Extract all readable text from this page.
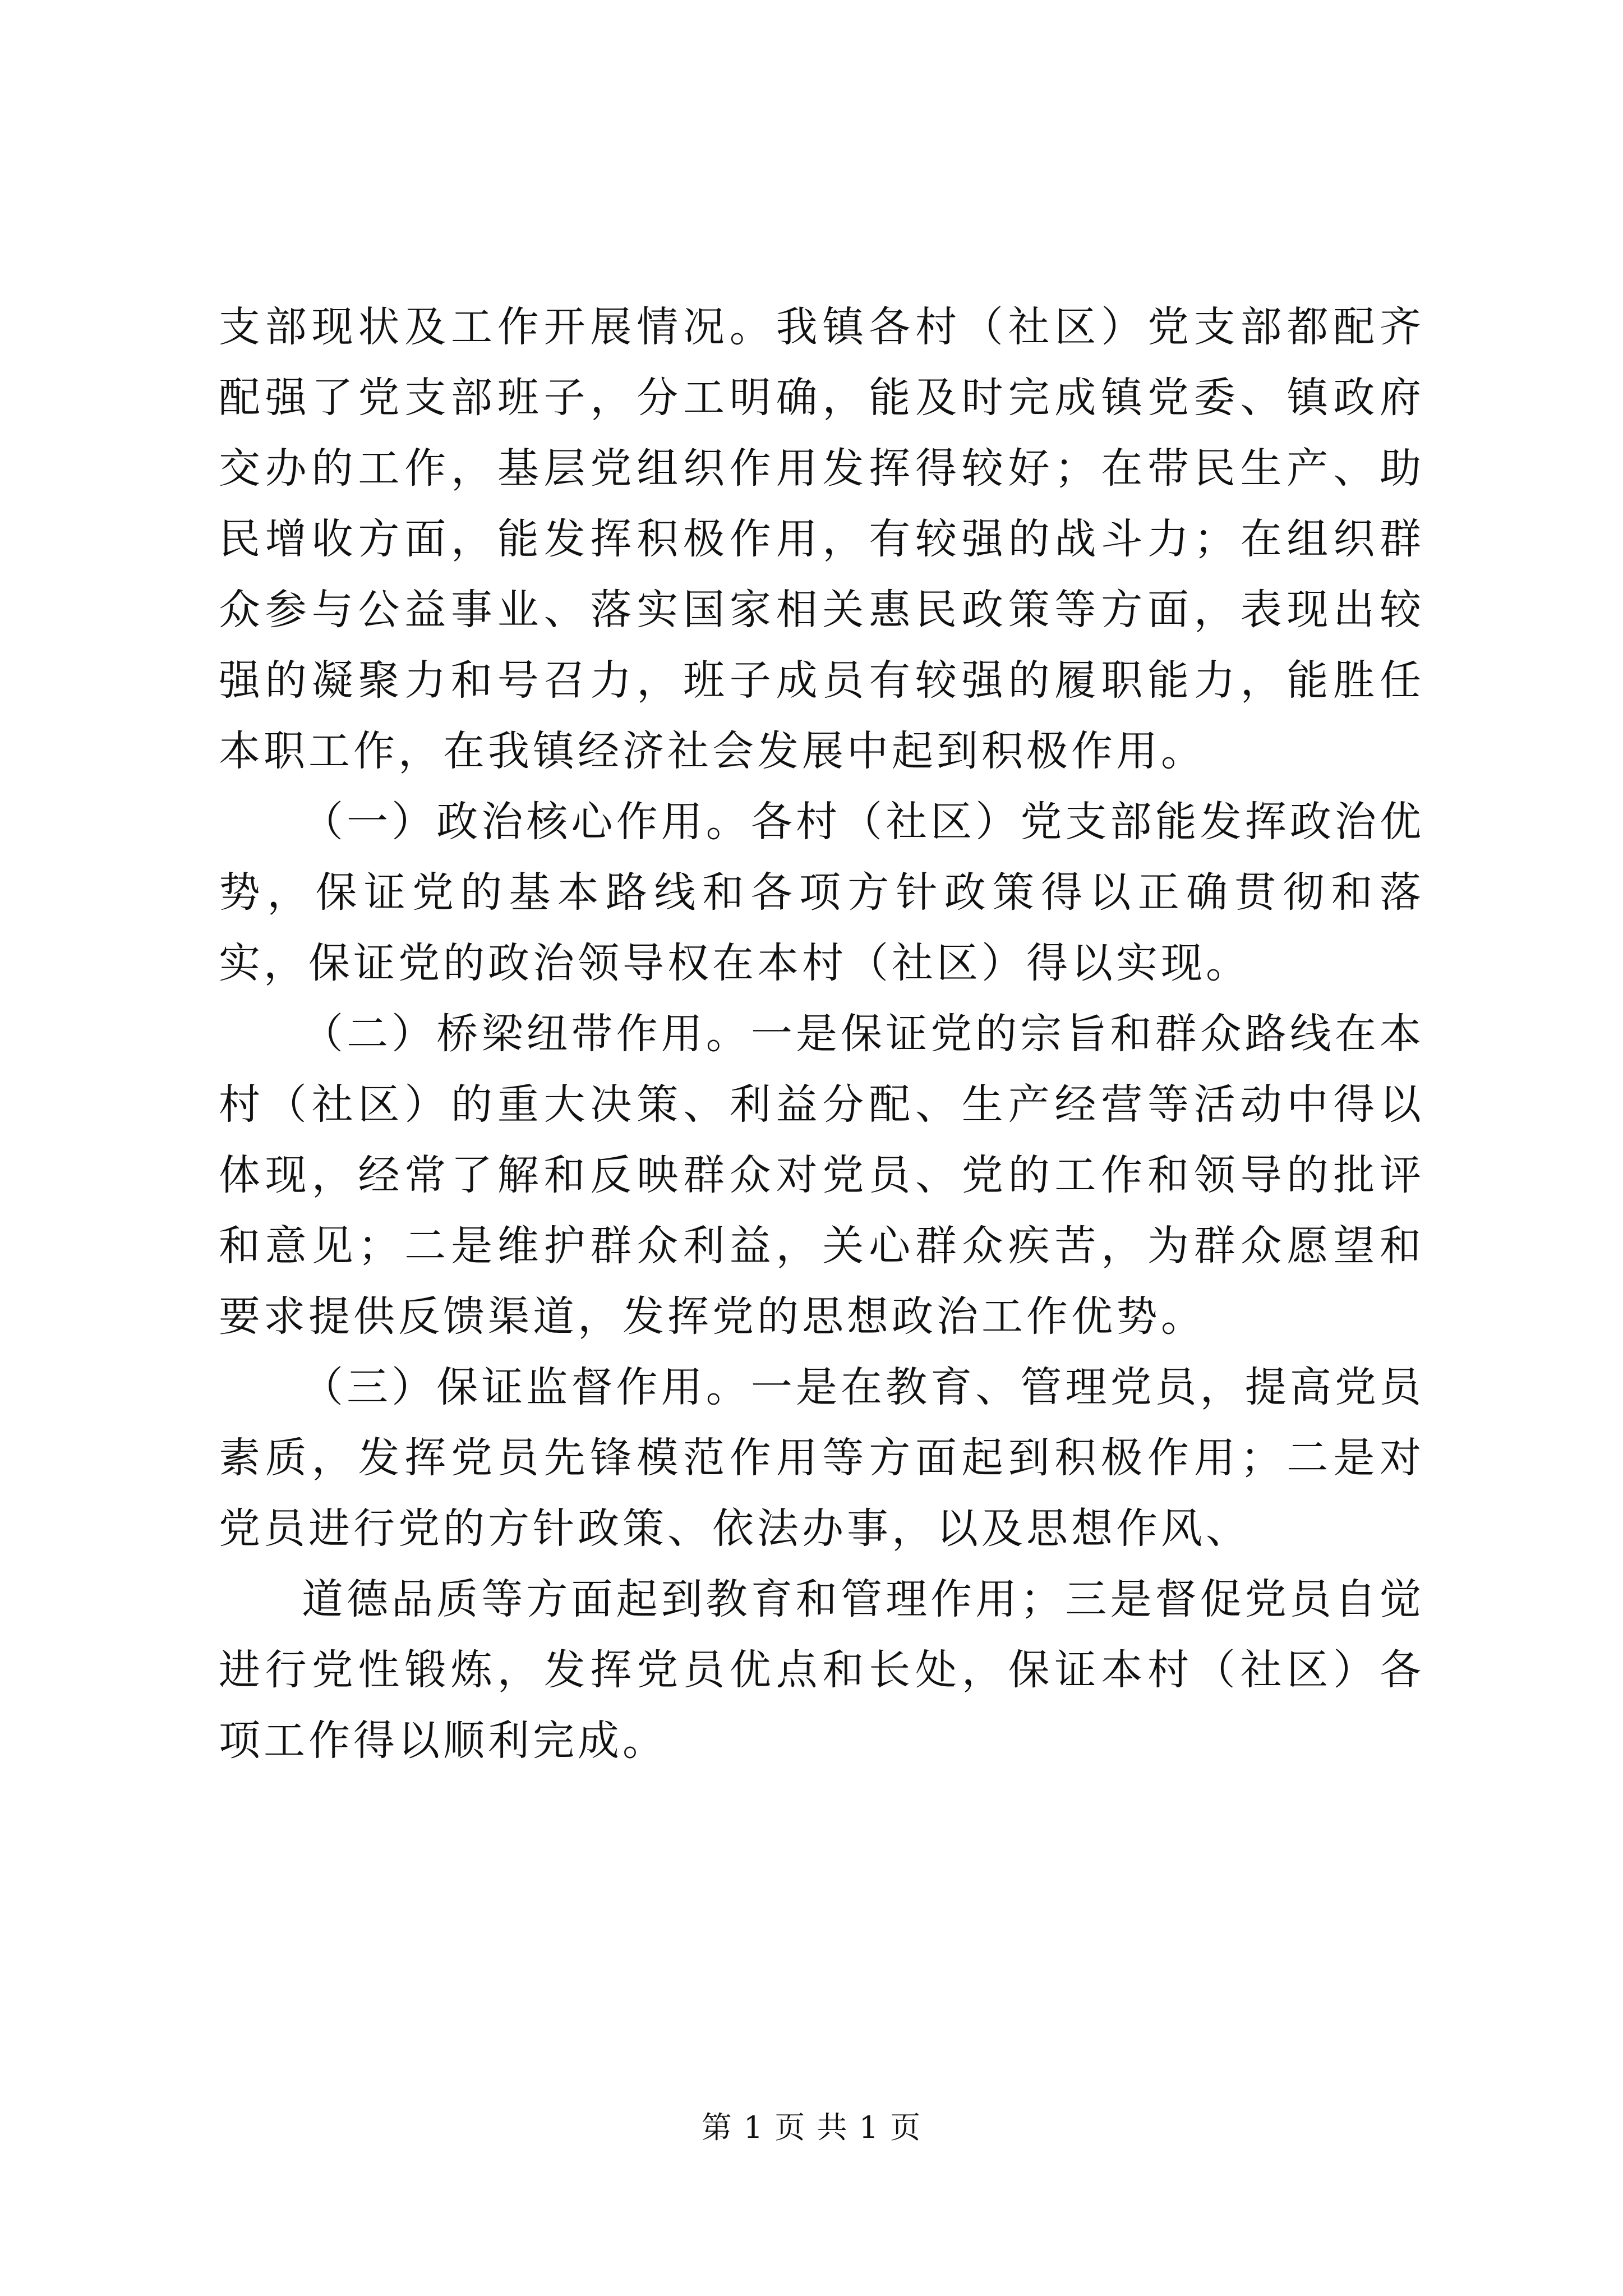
支部现状及工作开展情况。我镇各村（社区）党支部都配齐配强了党支部班子，分工明确，能及时完成镇党委、镇政府交办的工作，基层党组织作用发挥得较好；在带民生产、助民增收方面，能发挥积极作用，有较强的战斗力；在组织群众参与公益事业、落实国家相关惠民政策等方面，表现出较强的凝聚力和号召力，班子成员有较强的履职能力，能胜任本职工作，在我镇经济社会发展中起到积极作用。

（一）政治核心作用。各村（社区）党支部能发挥政治优势，保证党的基本路线和各项方针政策得以正确贯彻和落实，保证党的政治领导权在本村（社区）得以实现。

（二）桥梁纽带作用。一是保证党的宗旨和群众路线在本村（社区）的重大决策、利益分配、生产经营等活动中得以体现，经常了解和反映群众对党员、党的工作和领导的批评和意见；二是维护群众利益，关心群众疾苦，为群众愿望和要求提供反馈渠道，发挥党的思想政治工作优势。

（三）保证监督作用。一是在教育、管理党员，提高党员素质，发挥党员先锋模范作用等方面起到积极作用；二是对党员进行党的方针政策、依法办事，以及思想作风、

道德品质等方面起到教育和管理作用；三是督促党员自觉进行党性锻炼，发挥党员优点和长处，保证本村（社区）各项工作得以顺利完成。

第 1 页 共 1 页
